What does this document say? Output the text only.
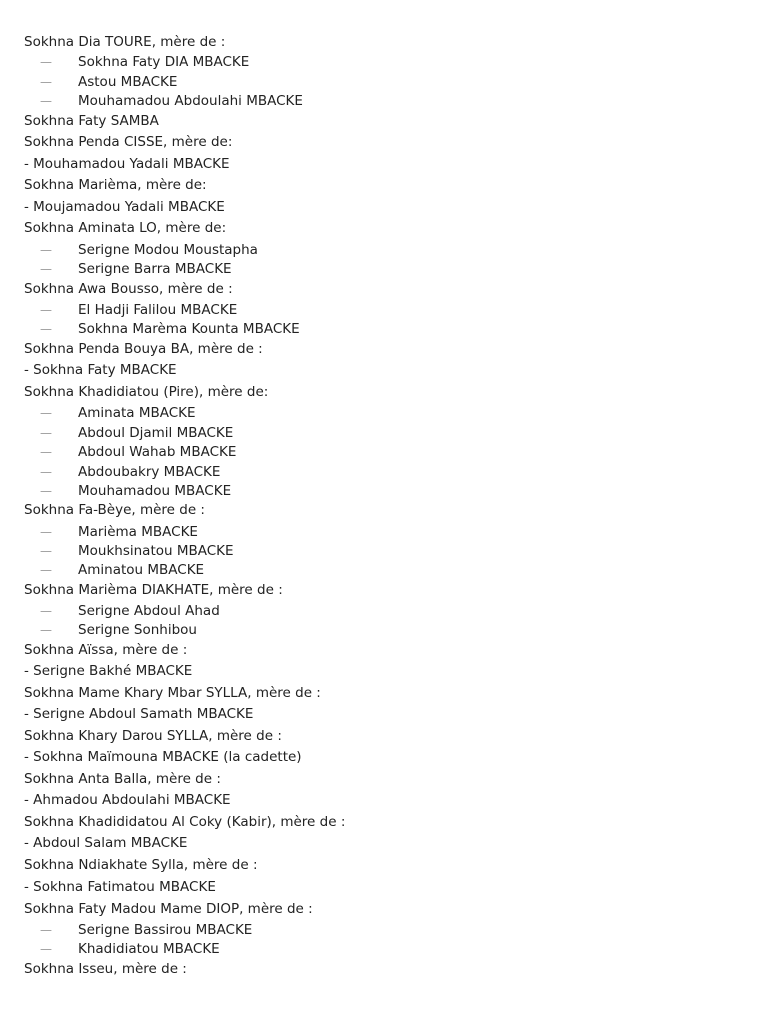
Sokhna Dia TOURE, mère de :
— Sokhna Faty DIA MBACKE
— Astou MBACKE
— Mouhamadou Abdoulahi MBACKE
Sokhna Faty SAMBA
Sokhna Penda CISSE, mère de:
- Mouhamadou Yadali MBACKE
Sokhna Marièma, mère de:
- Moujamadou Yadali MBACKE
Sokhna Aminata LO, mère de:
— Serigne Modou Moustapha
— Serigne Barra MBACKE
Sokhna Awa Bousso, mère de :
— El Hadji Falilou MBACKE
— Sokhna Marèma Kounta MBACKE
Sokhna Penda Bouya BA, mère de :
- Sokhna Faty MBACKE
Sokhna Khadidiatou (Pire), mère de:
— Aminata MBACKE
— Abdoul Djamil MBACKE
— Abdoul Wahab MBACKE
— Abdoubakry MBACKE
— Mouhamadou MBACKE
Sokhna Fa-Bèye, mère de :
— Marièma MBACKE
— Moukhsinatou MBACKE
— Aminatou MBACKE
Sokhna Marièma DIAKHATE, mère de :
— Serigne Abdoul Ahad
— Serigne Sonhibou
Sokhna Aïssa, mère de :
- Serigne Bakhé MBACKE
Sokhna Mame Khary Mbar SYLLA, mère de :
- Serigne Abdoul Samath MBACKE
Sokhna Khary Darou SYLLA, mère de :
- Sokhna Maïmouna MBACKE (la cadette)
Sokhna Anta Balla, mère de :
- Ahmadou Abdoulahi MBACKE
Sokhna Khadididatou Al Coky (Kabir), mère de :
- Abdoul Salam MBACKE
Sokhna Ndiakhate Sylla, mère de :
- Sokhna Fatimatou MBACKE
Sokhna Faty Madou Mame DIOP, mère de :
— Serigne Bassirou MBACKE
— Khadidiatou MBACKE
Sokhna Isseu, mère de :
